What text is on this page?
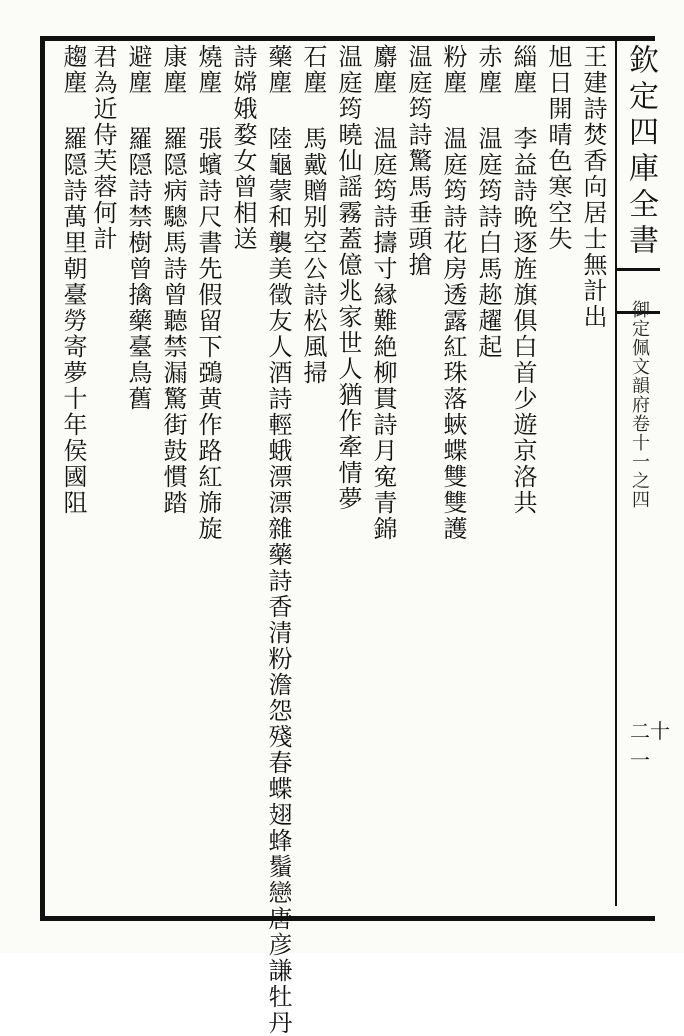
欽定四庫全書
御定佩文韻府卷十一之四
二十一
王建詩焚香向居士無計出
旭日開晴色寒空失
緇塵 李益詩晩逐旌旗俱白首少遊京洛共
赤塵 温庭筠詩白馬趂趯起
粉塵 温庭筠詩花房透露紅珠落蛺蝶雙雙護
温庭筠詩驚馬垂頭搶
麝塵 温庭筠詩擣寸縁難絶柳貫詩月寃青錦
温庭筠曉仙謡霧蓋億兆家世人猶作牽情夢
石塵 馬戴贈别空公詩松風掃
藥塵 陸龜蒙和襲美徵友人酒詩輕蛾漂漂雜藥詩香清粉澹怨殘春蝶翅蜂鬚戀唐彦謙牡丹
詩嫦娥婺女曾相送
燒塵 張蠙詩尺書先假留下鵶黄作路紅旆旋
康塵 羅隠病驄馬詩曾聽禁漏驚街鼓慣踏
避塵 羅隠詩禁樹曾擒藥臺鳥舊
君為近侍芙蓉何計
趨塵 羅隠詩萬里朝臺勞寄夢十年侯國阻
